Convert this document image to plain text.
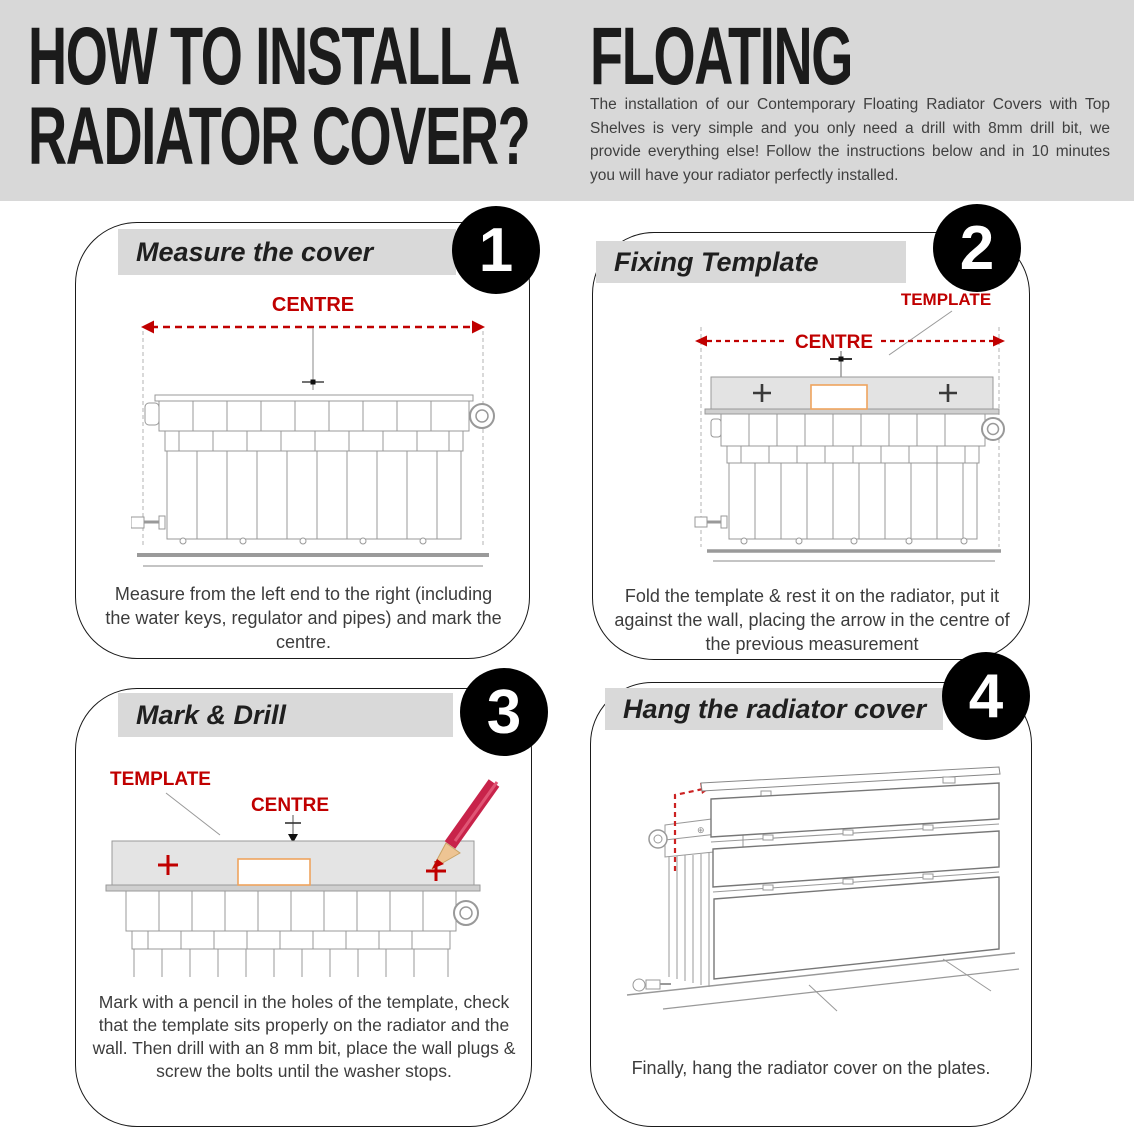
HOW TO INSTALL A FLOATING
RADIATOR COVER?	The installation of our Contemporary Floating Radiator Covers with Top Shelves is very simple and you only need a drill with 8mm drill bit, we provide everything else! Follow the instructions below and in 10 minutes you will have your radiator perfectly installed.
Measure the cover
CENTRE
Measure from the left end to the right (including the water keys, regulator and pipes) and mark the centre.
1	Fixing Template
TEMPLATE
CENTRE
Fold the template & rest it on the radiator, put it against the wall, placing the arrow in the centre of the previous measurement
2
Mark & Drill
TEMPLATE
CENTRE
Mark with a pencil in the holes of the template, check that the template sits properly on the radiator and the wall. Then drill with an 8 mm bit, place the wall plugs & screw the bolts until the washer stops.
3	Hang the radiator cover
⊕
Finally, hang the radiator cover on the plates.
4
